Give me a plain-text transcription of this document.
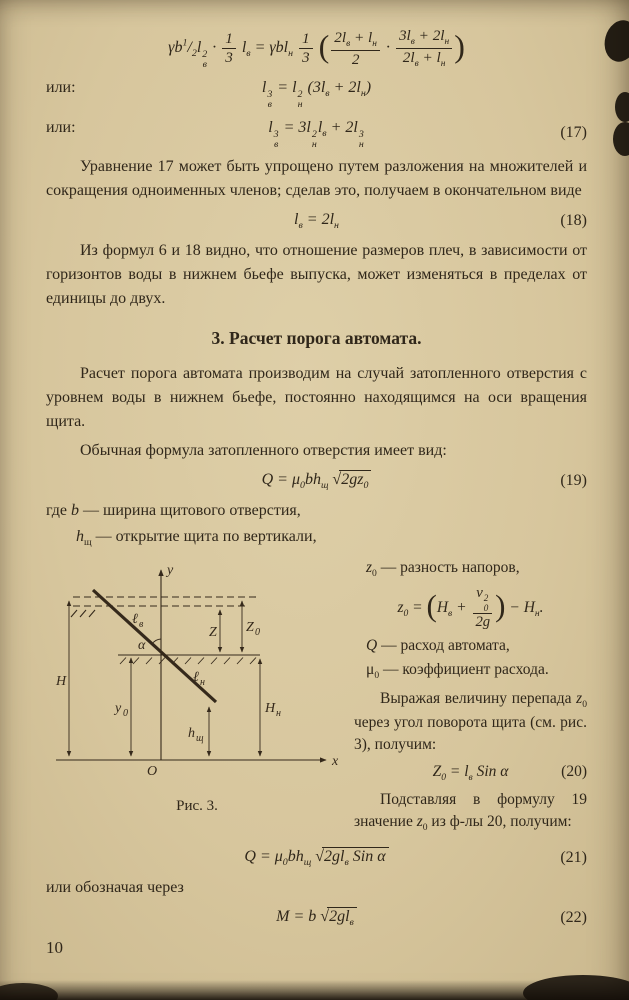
$\gamma b^1/_2l$ 2
в
· $\frac{1}{3} l_в = \gamma bl_н \frac{1}{3}$ ( $\frac{2l_в + l_н}{2} \cdot \frac{3l_в + 2l_н}{2l_в + l_н}$ )
или:	l 3
в
= l 2
н
$(3l_в + 2l_н)$
или:	l 3
в
= 3l 2
н
$l_в + 2l$ 3
н
(17)

Уравнение 17 может быть упрощено путем разложения на множителей и сокращения одноименных членов; сделав это, получаем в окончательном виде

$l_в = 2l_н$	(18)

Из формул 6 и 18 видно, что отношение размеров плеч, в зависимости от горизонтов воды в нижнем бьефе выпуска, может изменяться в пределах от единицы до двух.

3. Расчет порога автомата.

Расчет порога автомата производим на случай затопленного отверстия с уровнем воды в нижнем бьефе, постоянно находящимся на оси вращения щита.

Обычная формула затопленного отверстия имеет вид:

$Q = \mu_0bh_щ$ $√2gz_0$	(19)
где b — ширина щитового отверстия,
$h_щ$ — открытие щита по вертикали,
x
y
O
H
y 0
Z Z 0
H н
h щ
ℓ в
ℓ н
α
Рис. 3.
$z_0$ — разность напоров,
$z_0 = (H_в + v$ 2
0
2g ) − $H_н$.
Q — расход автомата,
$\mu_0$ — коэффициент расхода.

Выражая величину перепада $z_0$ через угол поворота щита (см. рис. 3), получим:

$Z_0 = l_в$ Sin α	(20)

Подставляя в формулу 19 значение $z_0$ из ф-лы 20, получим:

$Q = \mu_0bh_щ$ $√2gl_в$ Sin α	(21)

или обозначая через

M = b $√2gl_в$	(22)
10
